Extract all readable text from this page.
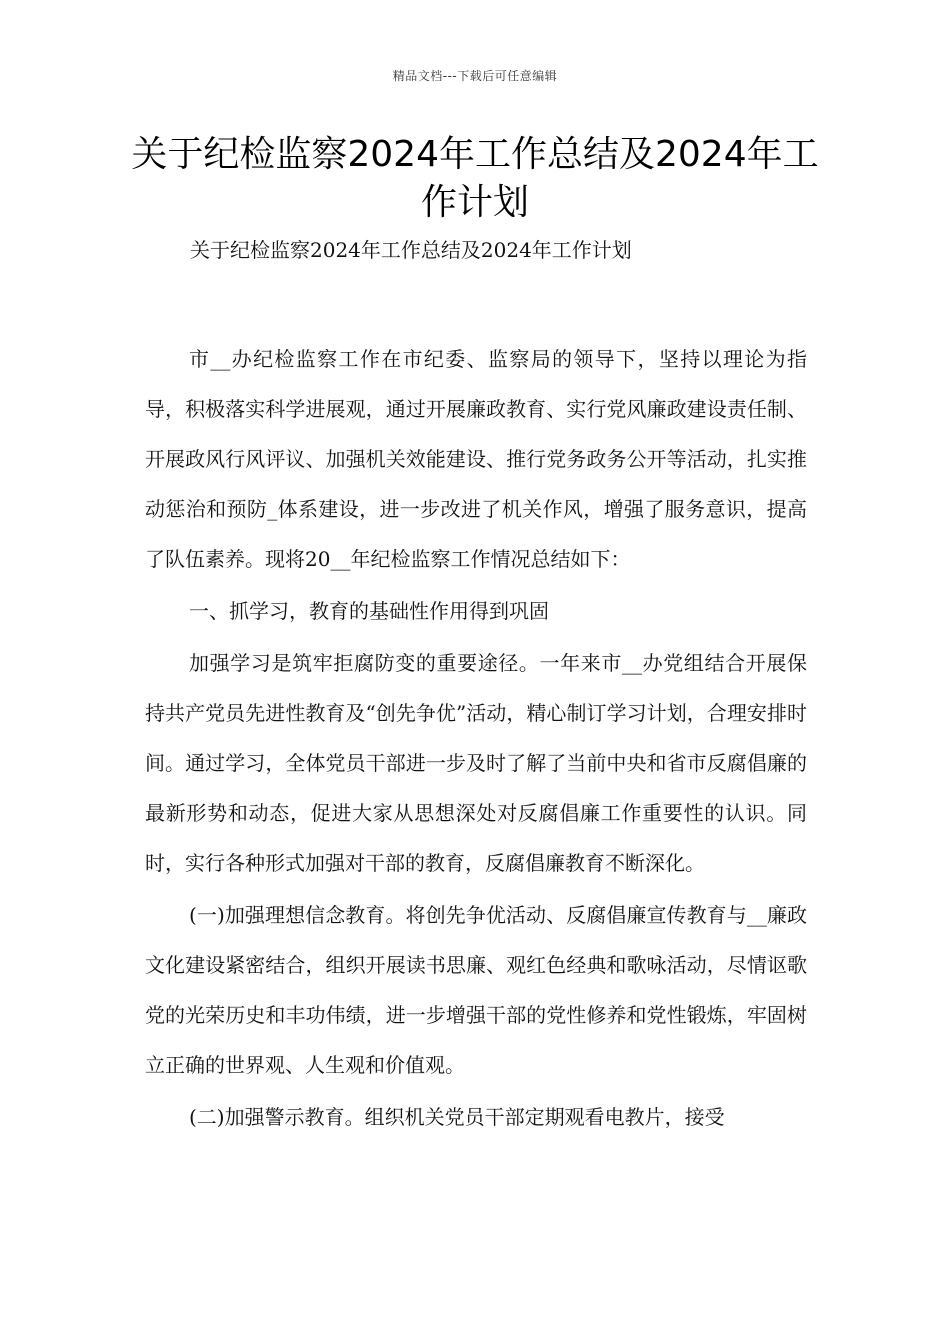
精品文档---下载后可任意编辑
关于纪检监察2024年工作总结及2024年工作计划
关于纪检监察2024年工作总结及2024年工作计划

市__办纪检监察工作在市纪委、监察局的领导下，坚持以理论为指导，积极落实科学进展观，通过开展廉政教育、实行党风廉政建设责任制、开展政风行风评议、加强机关效能建设、推行党务政务公开等活动，扎实推动惩治和预防_体系建设，进一步改进了机关作风，增强了服务意识，提高了队伍素养。现将20__年纪检监察工作情况总结如下：

一、抓学习，教育的基础性作用得到巩固

加强学习是筑牢拒腐防变的重要途径。一年来市__办党组结合开展保持共产党员先进性教育及“创先争优”活动，精心制订学习计划，合理安排时间。通过学习，全体党员干部进一步及时了解了当前中央和省市反腐倡廉的最新形势和动态，促进大家从思想深处对反腐倡廉工作重要性的认识。同时，实行各种形式加强对干部的教育，反腐倡廉教育不断深化。

(一)加强理想信念教育。将创先争优活动、反腐倡廉宣传教育与__廉政文化建设紧密结合，组织开展读书思廉、观红色经典和歌咏活动，尽情讴歌党的光荣历史和丰功伟绩，进一步增强干部的党性修养和党性锻炼，牢固树立正确的世界观、人生观和价值观。

(二)加强警示教育。组织机关党员干部定期观看电教片，接受
